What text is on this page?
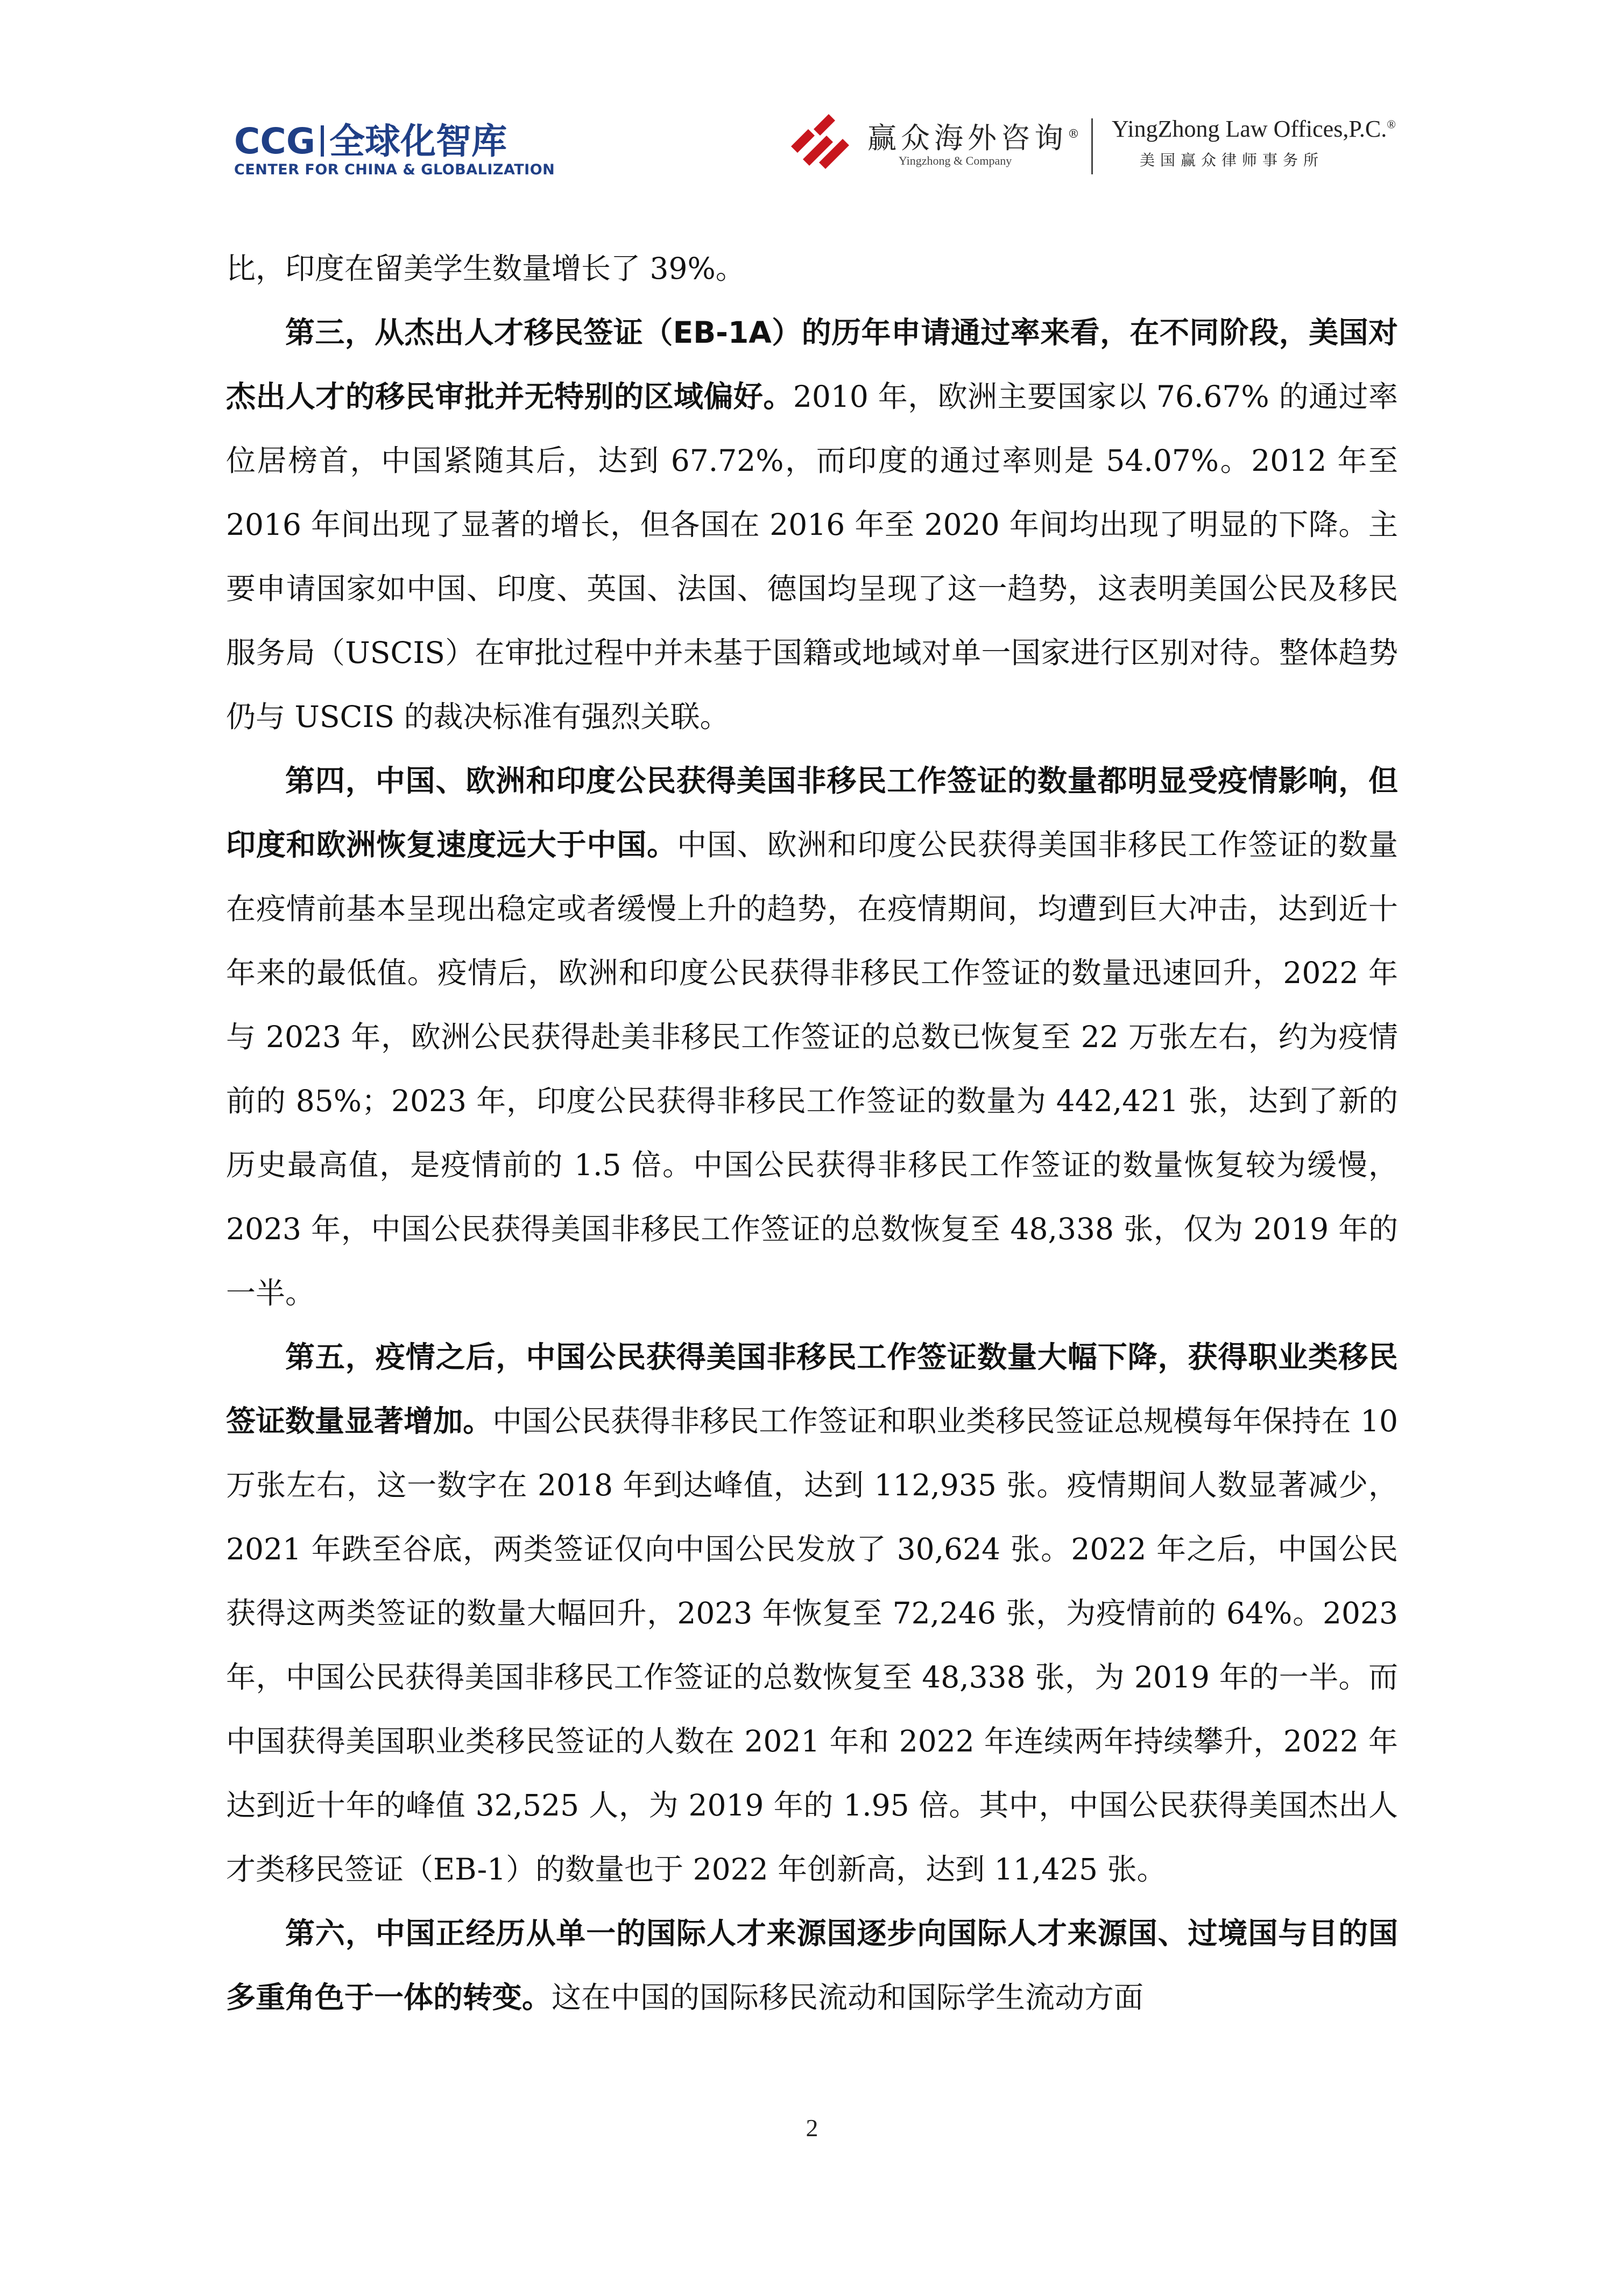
CCG 全球化智库
CENTER FOR CHINA & GLOBALIZATION
赢众海外咨询®
Yingzhong & Company
YingZhong Law Offices,P.C.®
美国赢众律师事务所

比，印度在留美学生数量增长了 39%。

第三，从杰出人才移民签证（EB-1A）的历年申请通过率来看，在不同阶段，美国对杰出人才的移民审批并无特别的区域偏好。2010 年，欧洲主要国家以 76.67% 的通过率位居榜首，中国紧随其后，达到 67.72%，而印度的通过率则是 54.07%。2012 年至 2016 年间出现了显著的增长，但各国在 2016 年至 2020 年间均出现了明显的下降。主要申请国家如中国、印度、英国、法国、德国均呈现了这一趋势，这表明美国公民及移民服务局（USCIS）在审批过程中并未基于国籍或地域对单一国家进行区别对待。整体趋势仍与 USCIS 的裁决标准有强烈关联。

第四，中国、欧洲和印度公民获得美国非移民工作签证的数量都明显受疫情影响，但印度和欧洲恢复速度远大于中国。中国、欧洲和印度公民获得美国非移民工作签证的数量在疫情前基本呈现出稳定或者缓慢上升的趋势，在疫情期间，均遭到巨大冲击，达到近十年来的最低值。疫情后，欧洲和印度公民获得非移民工作签证的数量迅速回升，2022 年与 2023 年，欧洲公民获得赴美非移民工作签证的总数已恢复至 22 万张左右，约为疫情前的 85%；2023 年，印度公民获得非移民工作签证的数量为 442,421 张，达到了新的历史最高值，是疫情前的 1.5 倍。中国公民获得非移民工作签证的数量恢复较为缓慢，2023 年，中国公民获得美国非移民工作签证的总数恢复至 48,338 张，仅为 2019 年的一半。

第五，疫情之后，中国公民获得美国非移民工作签证数量大幅下降，获得职业类移民签证数量显著增加。中国公民获得非移民工作签证和职业类移民签证总规模每年保持在 10 万张左右，这一数字在 2018 年到达峰值，达到 112,935 张。疫情期间人数显著减少，2021 年跌至谷底，两类签证仅向中国公民发放了 30,624 张。2022 年之后，中国公民获得这两类签证的数量大幅回升，2023 年恢复至 72,246 张，为疫情前的 64%。2023 年，中国公民获得美国非移民工作签证的总数恢复至 48,338 张，为 2019 年的一半。而中国获得美国职业类移民签证的人数在 2021 年和 2022 年连续两年持续攀升，2022 年达到近十年的峰值 32,525 人，为 2019 年的 1.95 倍。其中，中国公民获得美国杰出人才类移民签证（EB-1）的数量也于 2022 年创新高，达到 11,425 张。

第六，中国正经历从单一的国际人才来源国逐步向国际人才来源国、过境国与目的国多重角色于一体的转变。这在中国的国际移民流动和国际学生流动方面

2
